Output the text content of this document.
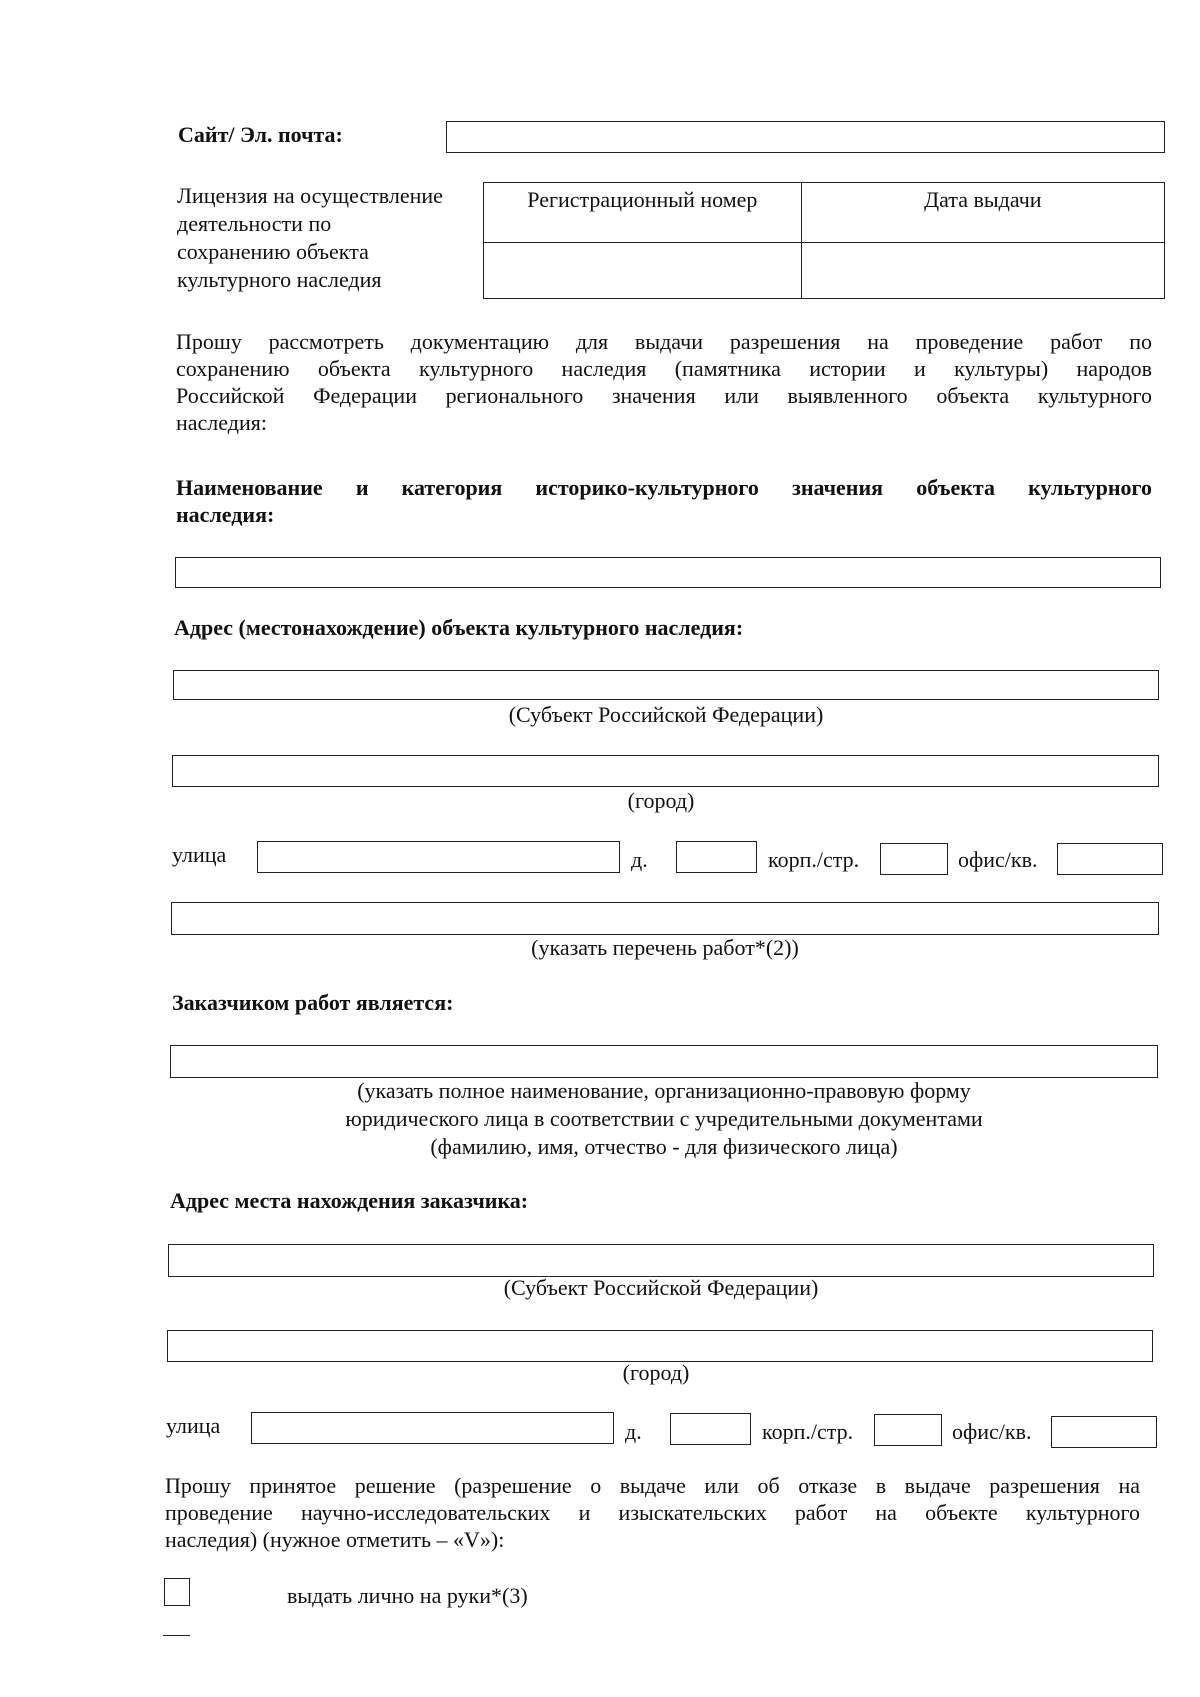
Сайт/ Эл. почта:
Лицензия на осуществление
деятельности по
сохранению объекта
культурного наследия
Регистрационный номер	Дата выдачи

Прошу рассмотреть документацию для выдачи разрешения на проведение работ по
сохранению объекта культурного наследия (памятника истории и культуры) народов
Российской Федерации регионального значения или выявленного объекта культурного
наследия:
Наименование и категория историко-культурного значения объекта культурного
наследия:
Адрес (местонахождение) объекта культурного наследия:
(Субъект Российской Федерации)
(город)
улица	д.	корп./стр.	офис/кв.
(указать перечень работ*(2))
Заказчиком работ является:
(указать полное наименование, организационно-правовую форму
юридического лица в соответствии с учредительными документами
(фамилию, имя, отчество - для физического лица)
Адрес места нахождения заказчика:
(Субъект Российской Федерации)
(город)
улица	д.	корп./стр.	офис/кв.
Прошу принятое решение (разрешение о выдаче или об отказе в выдаче разрешения на
проведение научно-исследовательских и изыскательских работ на объекте культурного
наследия) (нужное отметить – «V»):
выдать лично на руки*(3)
